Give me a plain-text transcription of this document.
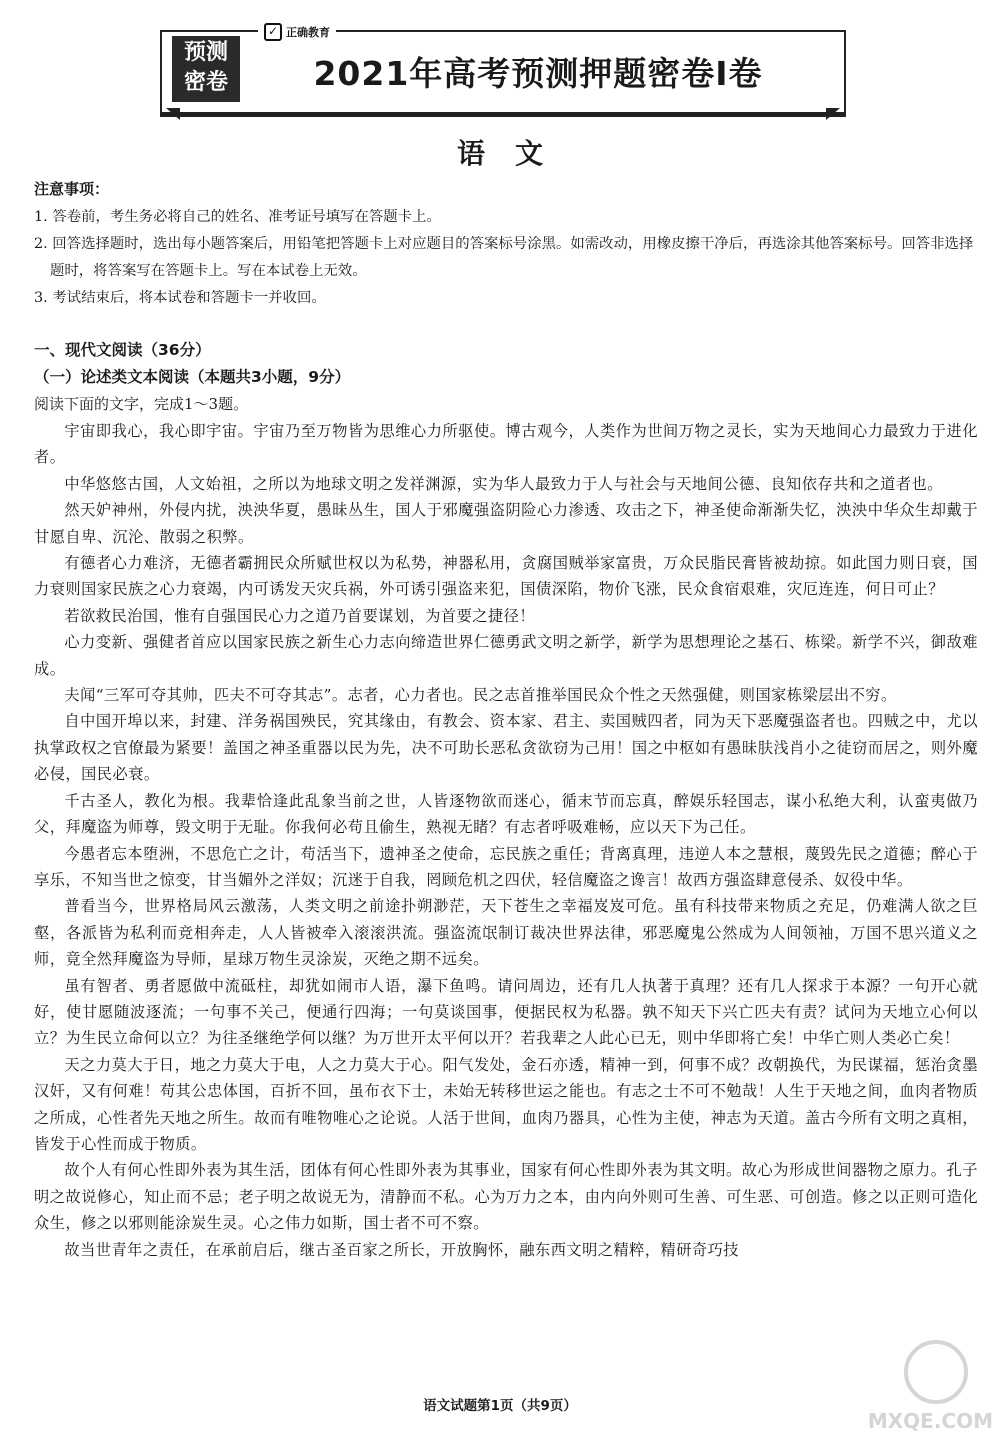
预测
密卷
✓ 正确教育
2021年高考预测押题密卷I卷
语文
注意事项：
1. 答卷前，考生务必将自己的姓名、准考证号填写在答题卡上。
2. 回答选择题时，选出每小题答案后，用铅笔把答题卡上对应题目的答案标号涂黑。如需改动，用橡皮擦干净后，再选涂其他答案标号。回答非选择题时，将答案写在答题卡上。写在本试卷上无效。
3. 考试结束后，将本试卷和答题卡一并收回。
一、现代文阅读（36分）
（一）论述类文本阅读（本题共3小题，9分）
阅读下面的文字，完成1～3题。

宇宙即我心，我心即宇宙。宇宙乃至万物皆为思维心力所驱使。博古观今，人类作为世间万物之灵长，实为天地间心力最致力于进化者。

中华悠悠古国，人文始祖，之所以为地球文明之发祥渊源，实为华人最致力于人与社会与天地间公德、良知依存共和之道者也。

然天妒神州，外侵内扰，泱泱华夏，愚昧丛生，国人于邪魔强盗阴险心力渗透、攻击之下，神圣使命渐渐失忆，泱泱中华众生却戴于甘愿自卑、沉沦、散弱之积弊。

有德者心力难济，无德者霸拥民众所赋世权以为私势，神器私用，贪腐国贼举家富贵，万众民脂民膏皆被劫掠。如此国力则日衰，国力衰则国家民族之心力衰竭，内可诱发天灾兵祸，外可诱引强盗来犯，国债深陷，物价飞涨，民众食宿艰难，灾厄连连，何日可止？

若欲救民治国，惟有自强国民心力之道乃首要谋划，为首要之捷径！

心力变新、强健者首应以国家民族之新生心力志向缔造世界仁德勇武文明之新学，新学为思想理论之基石、栋梁。新学不兴，御敌难成。

夫闻“三军可夺其帅，匹夫不可夺其志”。志者，心力者也。民之志首推举国民众个性之天然强健，则国家栋梁层出不穷。

自中国开埠以来，封建、洋务祸国殃民，究其缘由，有教会、资本家、君主、卖国贼四者，同为天下恶魔强盗者也。四贼之中，尤以执掌政权之官僚最为紧要！盖国之神圣重器以民为先，决不可助长恶私贪欲窃为己用！国之中枢如有愚昧肤浅肖小之徒窃而居之，则外魔必侵，国民必衰。

千古圣人，教化为根。我辈恰逢此乱象当前之世，人皆逐物欲而迷心，循末节而忘真，醉娱乐轻国志，谋小私绝大利，认蛮夷做乃父，拜魔盗为师尊，毁文明于无耻。你我何必苟且偷生，熟视无睹？有志者呼吸难畅，应以天下为己任。

今愚者忘本堕洲，不思危亡之计，苟活当下，遗神圣之使命，忘民族之重任；背离真理，违逆人本之慧根，蔑毁先民之道德；醉心于享乐，不知当世之惊变，甘当媚外之洋奴；沉迷于自我，罔顾危机之四伏，轻信魔盗之谗言！故西方强盗肆意侵杀、奴役中华。

普看当今，世界格局风云激荡，人类文明之前途扑朔渺茫，天下苍生之幸福岌岌可危。虽有科技带来物质之充足，仍难满人欲之巨壑，各派皆为私利而竞相奔走，人人皆被牵入滚滚洪流。强盗流氓制订裁决世界法律，邪恶魔鬼公然成为人间领袖，万国不思兴道义之师，竟全然拜魔盗为导师，星球万物生灵涂炭，灭绝之期不远矣。

虽有智者、勇者愿做中流砥柱，却犹如闹市人语，瀑下鱼鸣。请问周边，还有几人执著于真理？还有几人探求于本源？一句开心就好，使甘愿随波逐流；一句事不关己，便通行四海；一句莫谈国事，便据民权为私器。孰不知天下兴亡匹夫有责？试问为天地立心何以立？为生民立命何以立？为往圣继绝学何以继？为万世开太平何以开？若我辈之人此心已无，则中华即将亡矣！中华亡则人类必亡矣！

天之力莫大于日，地之力莫大于电，人之力莫大于心。阳气发处，金石亦透，精神一到，何事不成？改朝换代，为民谋福，惩治贪墨汉奸，又有何难！苟其公忠体国，百折不回，虽布衣下士，未始无转移世运之能也。有志之士不可不勉哉！人生于天地之间，血肉者物质之所成，心性者先天地之所生。故而有唯物唯心之论说。人活于世间，血肉乃器具，心性为主使，神志为天道。盖古今所有文明之真相，皆发于心性而成于物质。

故个人有何心性即外表为其生活，团体有何心性即外表为其事业，国家有何心性即外表为其文明。故心为形成世间器物之原力。孔子明之故说修心，知止而不忌；老子明之故说无为，清静而不私。心为万力之本，由内向外则可生善、可生恶、可创造。修之以正则可造化众生，修之以邪则能涂炭生灵。心之伟力如斯，国士者不可不察。

故当世青年之责任，在承前启后，继古圣百家之所长，开放胸怀，融东西文明之精粹，精研奇巧技

语文试题第1页（共9页）
MXQE.COM
